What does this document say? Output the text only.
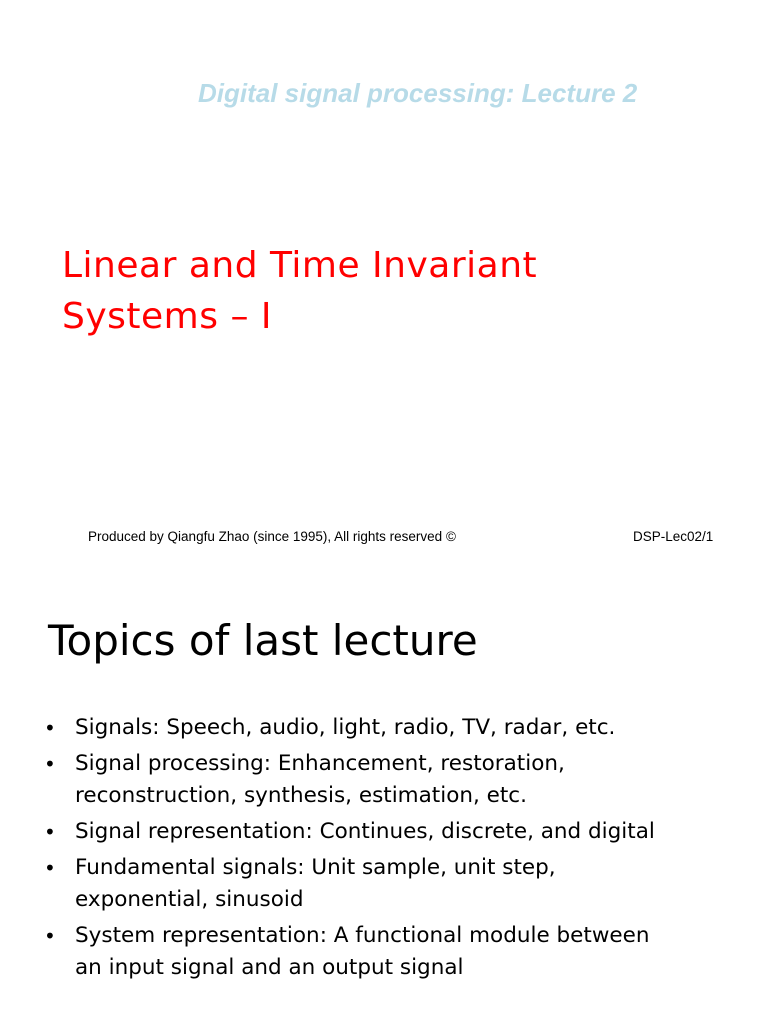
Digital signal processing: Lecture 2
Linear and Time Invariant
Systems – I
Produced by Qiangfu Zhao (since 1995), All rights reserved ©	DSP-Lec02/1
Topics of last lecture
• Signals: Speech, audio, light, radio, TV, radar, etc.
• Signal processing: Enhancement, restoration,
reconstruction, synthesis, estimation, etc.
• Signal representation: Continues, discrete, and digital
• Fundamental signals: Unit sample, unit step,
exponential, sinusoid
• System representation: A functional module between
an input signal and an output signal
